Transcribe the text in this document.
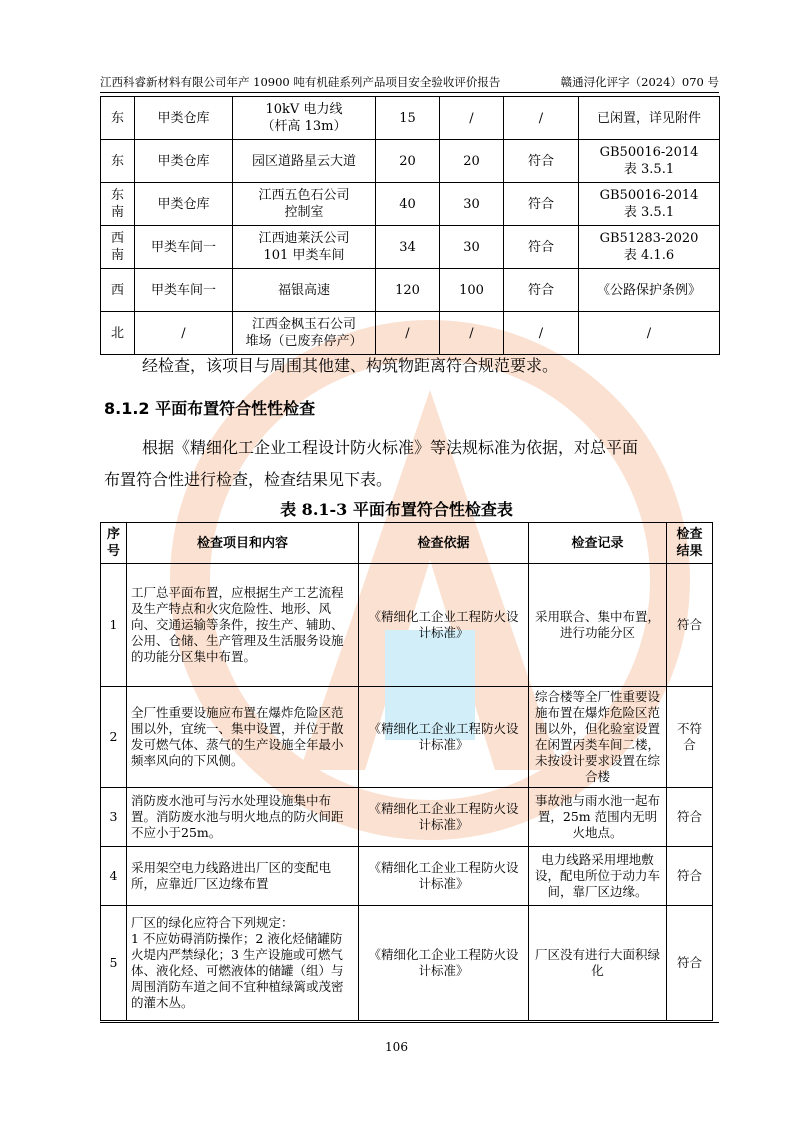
江西科睿新材料有限公司年产 10900 吨有机硅系列产品项目安全验收评价报告	赣通浔化评字（2024）070 号
东	甲类仓库	10kV 电力线
（杆高 13m）	15	/	/	已闲置，详见附件
东	甲类仓库	园区道路星云大道	20	20	符合	GB50016-2014
表 3.5.1
东
南	甲类仓库	江西五色石公司
控制室	40	30	符合	GB50016-2014
表 3.5.1
西
南	甲类车间一	江西迪莱沃公司
101 甲类车间	34	30	符合	GB51283-2020
表 4.1.6
西	甲类车间一	福银高速	120	100	符合	《公路保护条例》
北	/	江西金枫玉石公司
堆场（已废弃停产）	/	/	/	/
经检查，该项目与周围其他建、构筑物距离符合规范要求。
8.1.2 平面布置符合性性检查
根据《精细化工企业工程设计防火标准》等法规标准为依据，对总平面
布置符合性进行检查，检查结果见下表。
表 8.1-3 平面布置符合性检查表
序
号	检查项目和内容	检查依据	检查记录	检查
结果
1	工厂总平面布置，应根据生产工艺流程及生产特点和火灾危险性、地形、风向、交通运输等条件，按生产、辅助、公用、仓储、生产管理及生活服务设施的功能分区集中布置。	《精细化工企业工程防火设计标准》	采用联合、集中布置，进行功能分区	符合
2	全厂性重要设施应布置在爆炸危险区范围以外，宜统一、集中设置，并位于散发可燃气体、蒸气的生产设施全年最小频率风向的下风侧。	《精细化工企业工程防火设计标准》	综合楼等全厂性重要设施布置在爆炸危险区范围以外，但化验室设置在闲置丙类车间二楼，未按设计要求设置在综合楼	不符
合
3	消防废水池可与污水处理设施集中布置。消防废水池与明火地点的防火间距不应小于25m。	《精细化工企业工程防火设计标准》	事故池与雨水池一起布置，25m 范围内无明火地点。	符合
4	采用架空电力线路进出厂区的变配电所，应靠近厂区边缘布置	《精细化工企业工程防火设计标准》	电力线路采用埋地敷设，配电所位于动力车间，靠厂区边缘。	符合
5	厂区的绿化应符合下列规定：
1 不应妨碍消防操作；2 液化烃储罐防火堤内严禁绿化；3 生产设施或可燃气体、液化烃、可燃液体的储罐（组）与周围消防车道之间不宜种植绿篱或茂密的灌木丛。	《精细化工企业工程防火设计标准》	厂区没有进行大面积绿化	符合
106
